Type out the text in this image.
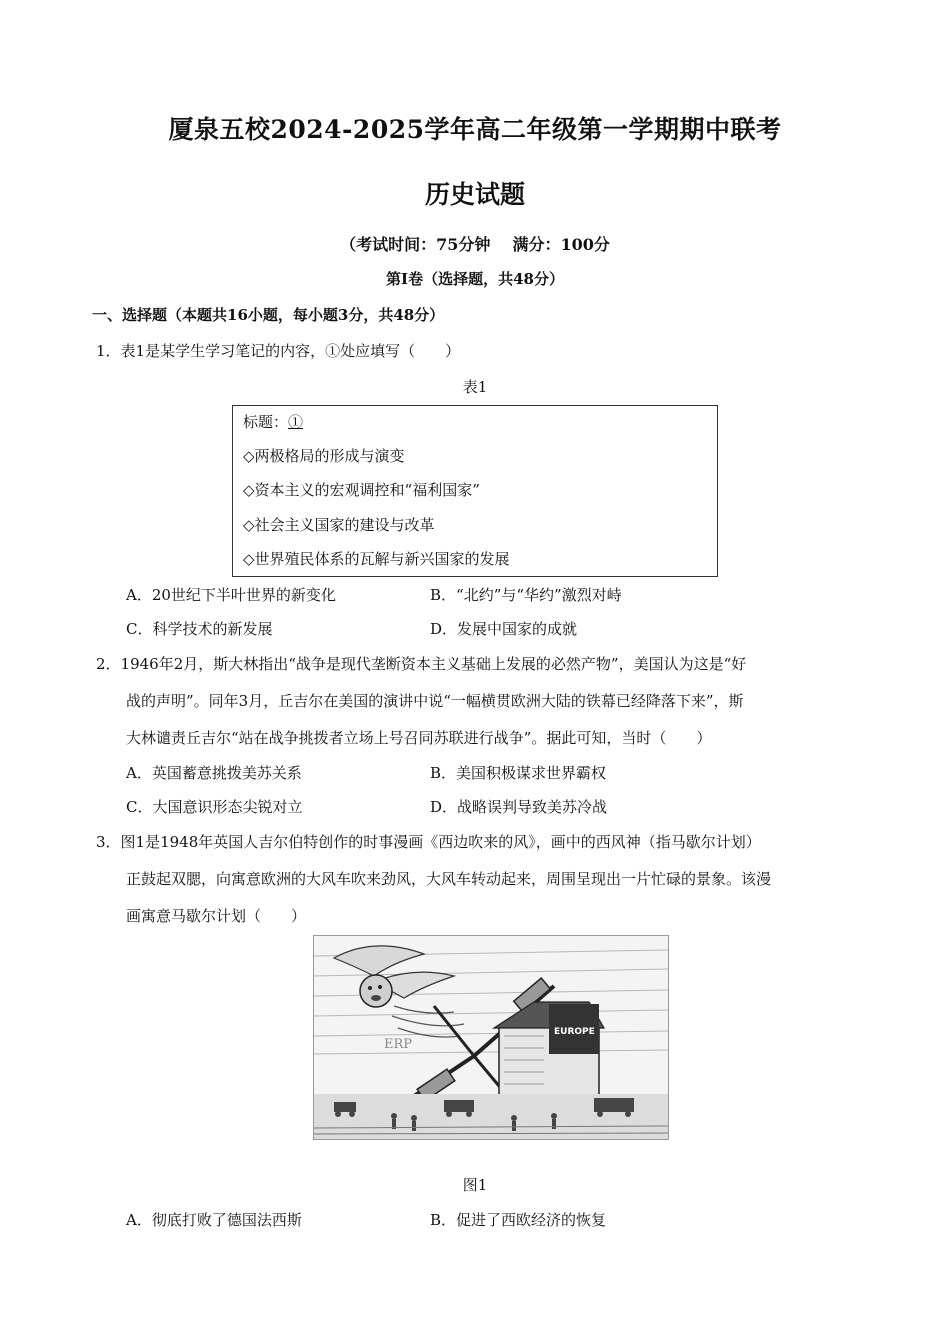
厦泉五校2024-2025学年高二年级第一学期期中联考
历史试题
（考试时间：75分钟 满分：100分
第Ⅰ卷（选择题，共48分）
一、选择题（本题共16小题，每小题3分，共48分）
1．表1是某学生学习笔记的内容，①处应填写（　　）
表1
标题：①
◇两极格局的形成与演变
◇资本主义的宏观调控和“福利国家”
◇社会主义国家的建设与改革
◇世界殖民体系的瓦解与新兴国家的发展
A．20世纪下半叶世界的新变化	B．“北约”与“华约”激烈对峙
C．科学技术的新发展	D．发展中国家的成就
2．1946年2月，斯大林指出“战争是现代垄断资本主义基础上发展的必然产物”，美国认为这是“好
战的声明”。同年3月，丘吉尔在美国的演讲中说“一幅横贯欧洲大陆的铁幕已经降落下来”，斯
大林谴责丘吉尔“站在战争挑拨者立场上号召同苏联进行战争”。据此可知，当时（　　）
A．英国蓄意挑拨美苏关系	B．美国积极谋求世界霸权
C．大国意识形态尖锐对立	D．战略误判导致美苏冷战
3．图1是1948年英国人吉尔伯特创作的时事漫画《西边吹来的风》，画中的西风神（指马歇尔计划）
正鼓起双腮，向寓意欧洲的大风车吹来劲风，大风车转动起来，周围呈现出一片忙碌的景象。该漫
画寓意马歇尔计划（　　）
ERP
EUROPE
图1
A．彻底打败了德国法西斯	B．促进了西欧经济的恢复
